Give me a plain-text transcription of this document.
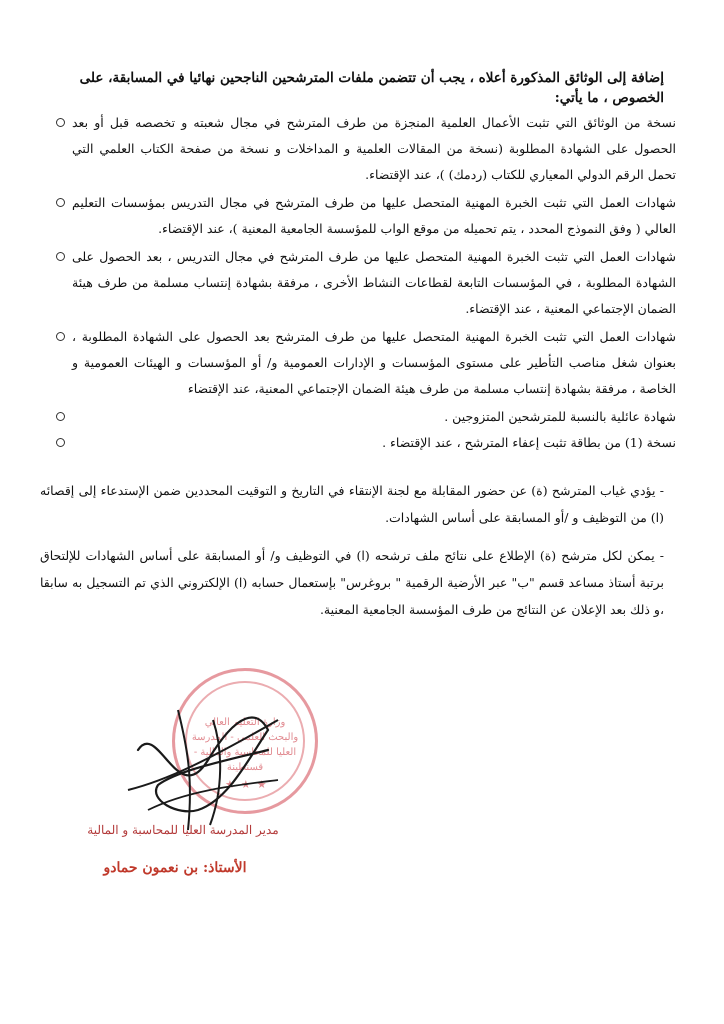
إضافة إلى الوثائق المذكورة أعلاه ، يجب أن تتضمن ملفات المترشحين الناجحين نهائيا في المسابقة، على الخصوص ، ما يأتي:
نسخة من الوثائق التي تثبت الأعمال العلمية المنجزة من طرف المترشح في مجال شعبته و تخصصه قبل أو بعد الحصول على الشهادة المطلوبة (نسخة من المقالات العلمية و المداخلات و نسخة من صفحة الكتاب العلمي التي تحمل الرقم الدولي المعياري للكتاب (ردمك) )، عند الإقتضاء.
شهادات العمل التي تثبت الخبرة المهنية المتحصل عليها من طرف المترشح في مجال التدريس بمؤسسات التعليم العالي ( وفق النموذج المحدد ، يتم تحميله من موقع الواب للمؤسسة الجامعية المعنية )، عند الإقتضاء.
شهادات العمل التي تثبت الخبرة المهنية المتحصل عليها من طرف المترشح في مجال التدريس ، بعد الحصول على الشهادة المطلوبة ، في المؤسسات التابعة لقطاعات النشاط الأخرى ، مرفقة بشهادة إنتساب مسلمة من طرف هيئة الضمان الإجتماعي المعنية ، عند الإقتضاء.
شهادات العمل التي تثبت الخبرة المهنية المتحصل عليها من طرف المترشح بعد الحصول على الشهادة المطلوبة ، بعنوان شغل مناصب التأطير على مستوى المؤسسات و الإدارات العمومية و/ أو المؤسسات و الهيئات العمومية و الخاصة ، مرفقة بشهادة إنتساب مسلمة من طرف هيئة الضمان الإجتماعي المعنية، عند الإقتضاء
شهادة عائلية بالنسبة للمترشحين المتزوجين .
نسخة (1) من بطاقة تثبت إعفاء المترشح ، عند الإقتضاء .
- يؤدي غياب المترشح (ة) عن حضور المقابلة مع لجنة الإنتقاء في التاريخ و التوقيت المحددين ضمن الإستدعاء إلى إقصائه (ا) من التوظيف و /أو المسابقة على أساس الشهادات.
- يمكن لكل مترشح (ة) الإطلاع على نتائج ملف ترشحه (ا) في التوظيف و/ أو المسابقة على أساس الشهادات للإلتحاق برتبة أستاذ مساعد قسم "ب" عبر الأرضية الرقمية " بروغرس" بإستعمال حسابه (ا) الإلكتروني الذي تم التسجيل به سابقا ،و ذلك بعد الإعلان عن النتائج من طرف المؤسسة الجامعية المعنية.
وزارة التعليم العالي والبحث العلمي - المدرسة العليا للمحاسبة والمالية - قسنطينة
★★★
مدير المدرسة العليا للمحاسبة و المالية
الأستاذ: بن نعمون حمادو
